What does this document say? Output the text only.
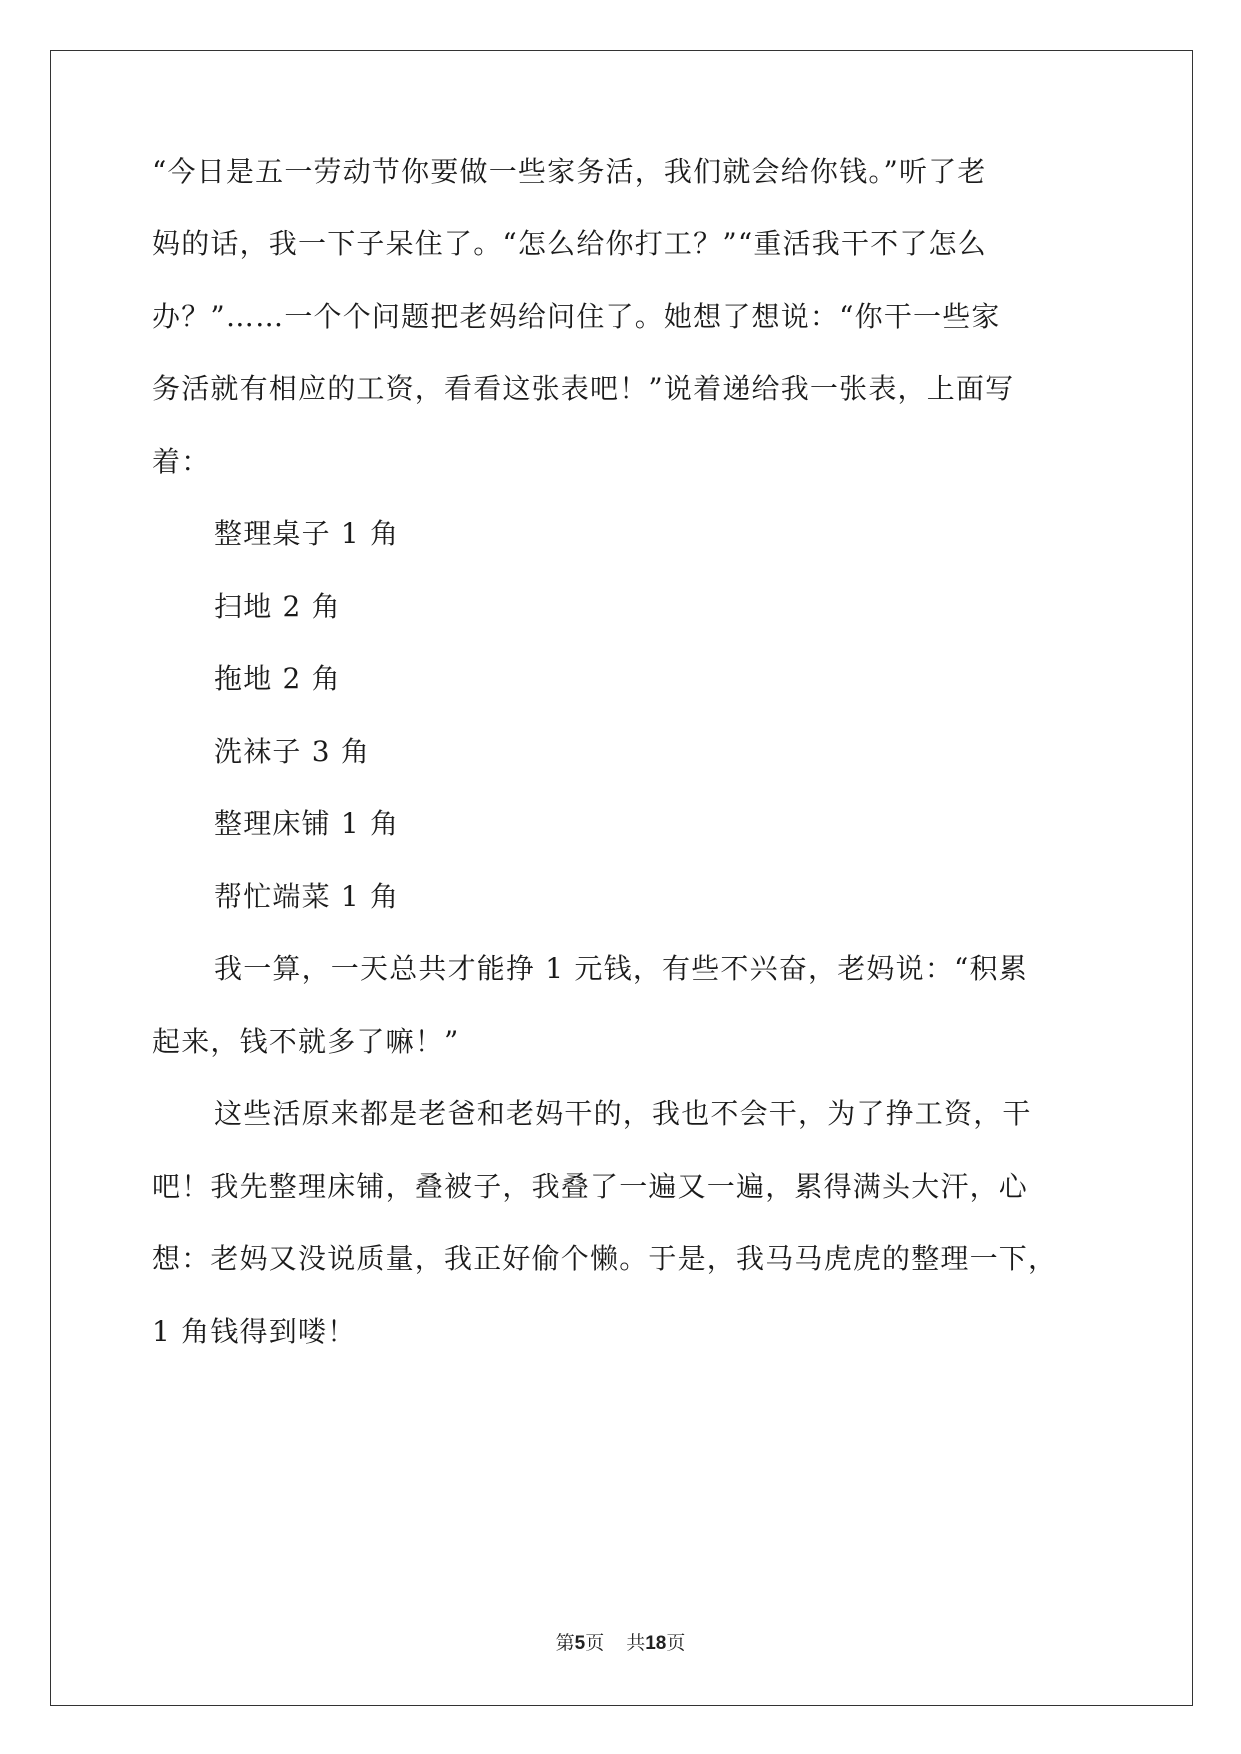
“今日是五一劳动节你要做一些家务活，我们就会给你钱。”听了老
妈的话，我一下子呆住了。“怎么给你打工？”“重活我干不了怎么
办？”……一个个问题把老妈给问住了。她想了想说：“你干一些家
务活就有相应的工资，看看这张表吧！”说着递给我一张表，上面写
着：
整理桌子 1 角
扫地 2 角
拖地 2 角
洗袜子 3 角
整理床铺 1 角
帮忙端菜 1 角
我一算，一天总共才能挣 1 元钱，有些不兴奋，老妈说：“积累
起来，钱不就多了嘛！”
这些活原来都是老爸和老妈干的，我也不会干，为了挣工资，干
吧！我先整理床铺，叠被子，我叠了一遍又一遍，累得满头大汗，心
想：老妈又没说质量，我正好偷个懒。于是，我马马虎虎的整理一下，
1 角钱得到喽！
第5页 共18页
